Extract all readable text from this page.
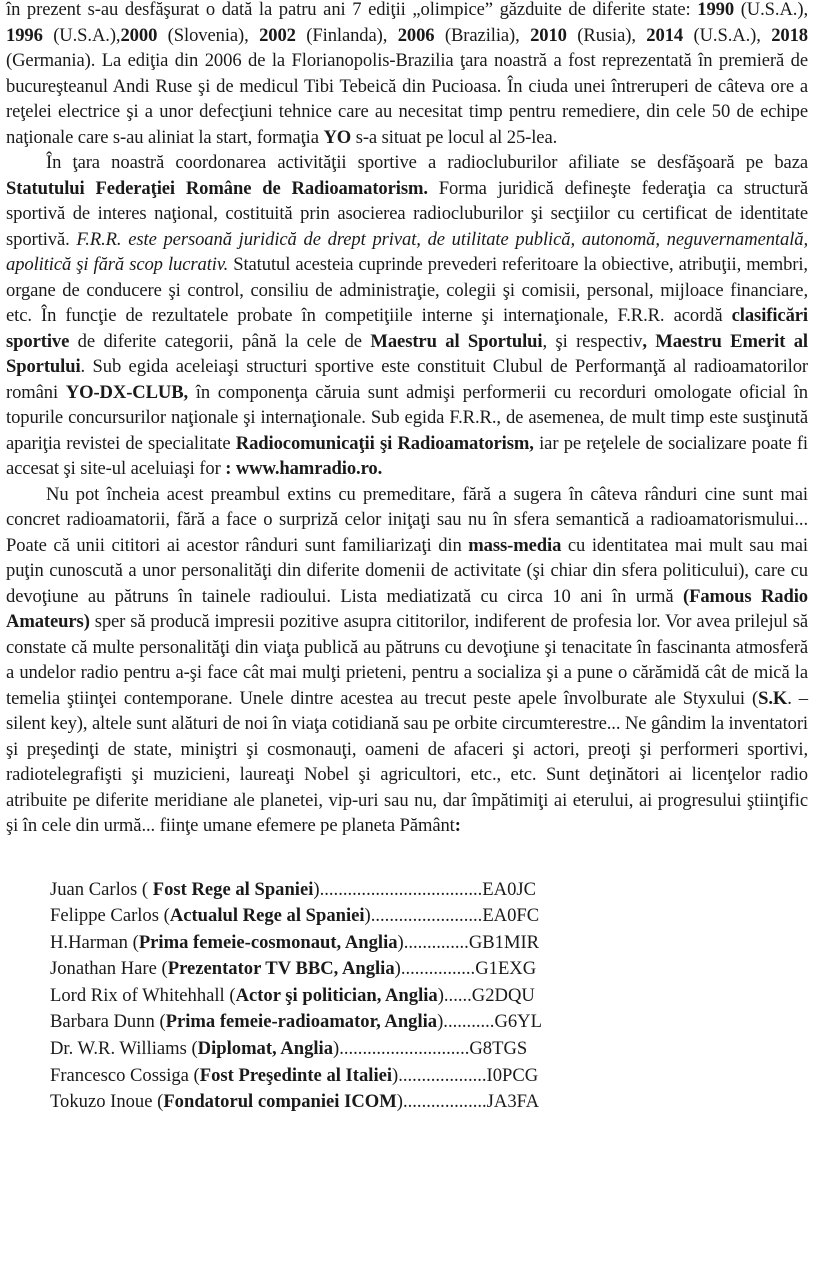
în prezent s-au desfăşurat o dată la patru ani 7 ediţii „olimpice” găzduite de diferite state: 1990 (U.S.A.), 1996 (U.S.A.),2000 (Slovenia), 2002 (Finlanda), 2006 (Brazilia), 2010 (Rusia), 2014 (U.S.A.), 2018 (Germania). La ediţia din 2006 de la Florianopolis-Brazilia ţara noastră a fost reprezentată în premieră de bucureşteanul Andi Ruse şi de medicul Tibi Tebeică din Pucioasa. În ciuda unei întreruperi de câteva ore a reţelei electrice şi a unor defecţiuni tehnice care au necesitat timp pentru remediere, din cele 50 de echipe naţionale care s-au aliniat la start, formaţia YO s-a situat pe locul al 25-lea.

În ţara noastră coordonarea activităţii sportive a radiocluburilor afiliate se desfăşoară pe baza Statutului Federaţiei Române de Radioamatorism. Forma juridică defineşte federaţia ca structură sportivă de interes naţional, costituită prin asocierea radiocluburilor şi secţiilor cu certificat de identitate sportivă. F.R.R. este persoană juridică de drept privat, de utilitate publică, autonomă, neguvernamentală, apolitică şi fără scop lucrativ. Statutul acesteia cuprinde prevederi referitoare la obiective, atribuţii, membri, organe de conducere şi control, consiliu de administraţie, colegii şi comisii, personal, mijloace financiare, etc. În funcţie de rezultatele probate în competiţiile interne şi internaţionale, F.R.R. acordă clasificări sportive de diferite categorii, până la cele de Maestru al Sportului, şi respectiv, Maestru Emerit al Sportului. Sub egida aceleiaşi structuri sportive este constituit Clubul de Performanţă al radioamatorilor români YO-DX-CLUB, în componenţa căruia sunt admişi performerii cu recorduri omologate oficial în topurile concursurilor naţionale şi internaţionale. Sub egida F.R.R., de asemenea, de mult timp este susţinută apariţia revistei de specialitate Radiocomunicaţii şi Radioamatorism, iar pe reţelele de socializare poate fi accesat şi site-ul aceluiaşi for : www.hamradio.ro.

Nu pot încheia acest preambul extins cu premeditare, fără a sugera în câteva rânduri cine sunt mai concret radioamatorii, fără a face o surpriză celor iniţaţi sau nu în sfera semantică a radioamatorismului... Poate că unii cititori ai acestor rânduri sunt familiarizaţi din mass-media cu identitatea mai mult sau mai puţin cunoscută a unor personalităţi din diferite domenii de activitate (şi chiar din sfera politicului), care cu devoţiune au pătruns în tainele radioului. Lista mediatizată cu circa 10 ani în urmă (Famous Radio Amateurs) sper să producă impresii pozitive asupra cititorilor, indiferent de profesia lor. Vor avea prilejul să constate că multe personalităţi din viaţa publică au pătruns cu devoţiune şi tenacitate în fascinanta atmosferă a undelor radio pentru a-şi face cât mai mulţi prieteni, pentru a socializa şi a pune o cărămidă cât de mică la temelia ştiinţei contemporane. Unele dintre acestea au trecut peste apele învolburate ale Styxului (S.K. – silent key), altele sunt alături de noi în viaţa cotidiană sau pe orbite circumterestre... Ne gândim la inventatori şi preşedinţi de state, miniştri şi cosmonauţi, oameni de afaceri şi actori, preoţi şi performeri sportivi, radiotelegrafişti şi muzicieni, laureaţi Nobel şi agricultori, etc., etc. Sunt deţinători ai licenţelor radio atribuite pe diferite meridiane ale planetei, vip-uri sau nu, dar împătimiţi ai eterului, ai progresului ştiinţific şi în cele din urmă... fiinţe umane efemere pe planeta Pământ:

Juan Carlos ( Fost Rege al Spaniei)...................................EA0JC
Felippe Carlos (Actualul Rege al Spaniei)........................EA0FC
H.Harman (Prima femeie-cosmonaut, Anglia)..............GB1MIR
Jonathan Hare (Prezentator TV BBC, Anglia)................G1EXG
Lord Rix of Whitehhall (Actor şi politician, Anglia)......G2DQU
Barbara Dunn (Prima femeie-radioamator, Anglia)...........G6YL
Dr. W.R. Williams (Diplomat, Anglia)............................G8TGS
Francesco Cossiga (Fost Preşedinte al Italiei)...................I0PCG
Tokuzo Inoue (Fondatorul companiei ICOM)..................JA3FA
